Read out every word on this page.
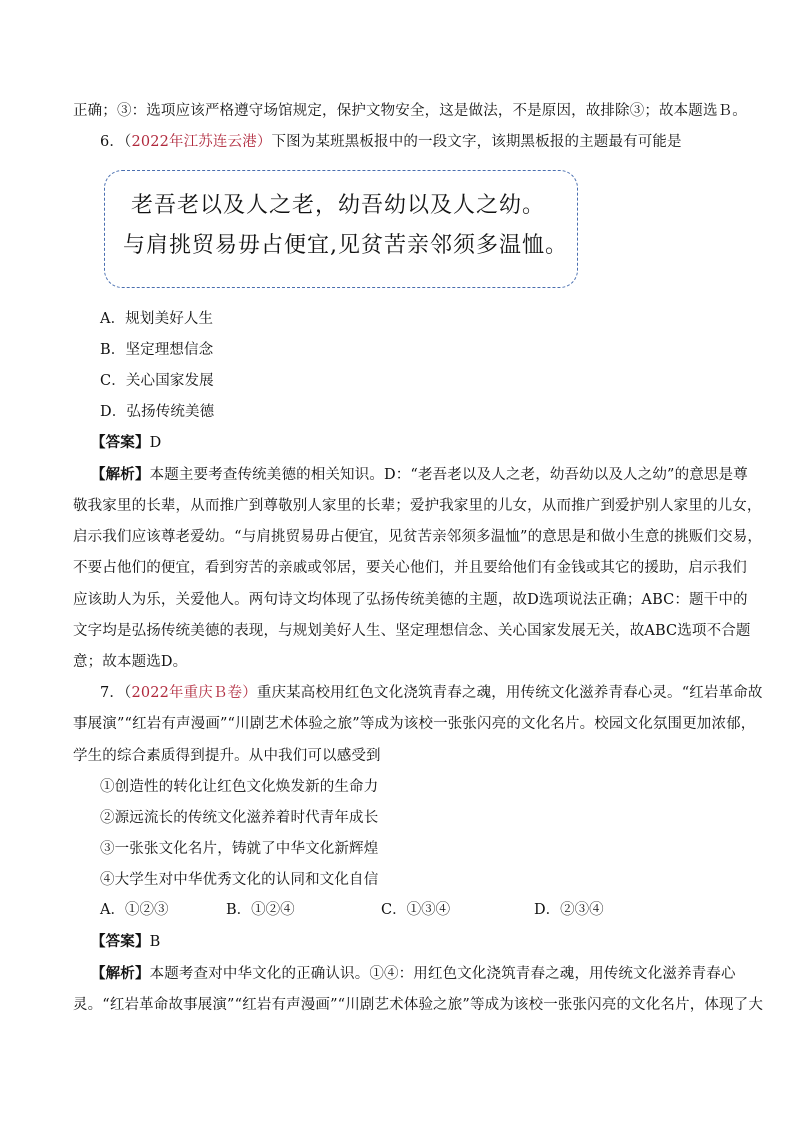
正确；③：选项应该严格遵守场馆规定，保护文物安全，这是做法，不是原因，故排除③；故本题选Ｂ。
6．（2022年江苏连云港）下图为某班黑板报中的一段文字，该期黑板报的主题最有可能是
老吾老以及人之老，幼吾幼以及人之幼。
与肩挑贸易毋占便宜,见贫苦亲邻须多温恤。
A．规划美好人生
B．坚定理想信念
C．关心国家发展
D．弘扬传统美德
【答案】D
【解析】本题主要考查传统美德的相关知识。D：“老吾老以及人之老，幼吾幼以及人之幼”的意思是尊
敬我家里的长辈，从而推广到尊敬别人家里的长辈；爱护我家里的儿女，从而推广到爱护别人家里的儿女，
启示我们应该尊老爱幼。“与肩挑贸易毋占便宜，见贫苦亲邻须多温恤”的意思是和做小生意的挑贩们交易，
不要占他们的便宜，看到穷苦的亲戚或邻居，要关心他们，并且要给他们有金钱或其它的援助，启示我们
应该助人为乐，关爱他人。两句诗文均体现了弘扬传统美德的主题，故D选项说法正确；ABC：题干中的
文字均是弘扬传统美德的表现，与规划美好人生、坚定理想信念、关心国家发展无关，故ABC选项不合题
意；故本题选D。
7．（2022年重庆Ｂ卷）重庆某高校用红色文化浇筑青春之魂，用传统文化滋养青春心灵。“红岩革命故
事展演”“红岩有声漫画”“川剧艺术体验之旅”等成为该校一张张闪亮的文化名片。校园文化氛围更加浓郁，
学生的综合素质得到提升。从中我们可以感受到
①创造性的转化让红色文化焕发新的生命力
②源远流长的传统文化滋养着时代青年成长
③一张张文化名片，铸就了中华文化新辉煌
④大学生对中华优秀文化的认同和文化自信
A．①②③	B．①②④	C．①③④	D．②③④
【答案】B
【解析】本题考查对中华文化的正确认识。①④：用红色文化浇筑青春之魂，用传统文化滋养青春心
灵。“红岩革命故事展演”“红岩有声漫画”“川剧艺术体验之旅”等成为该校一张张闪亮的文化名片，体现了大
